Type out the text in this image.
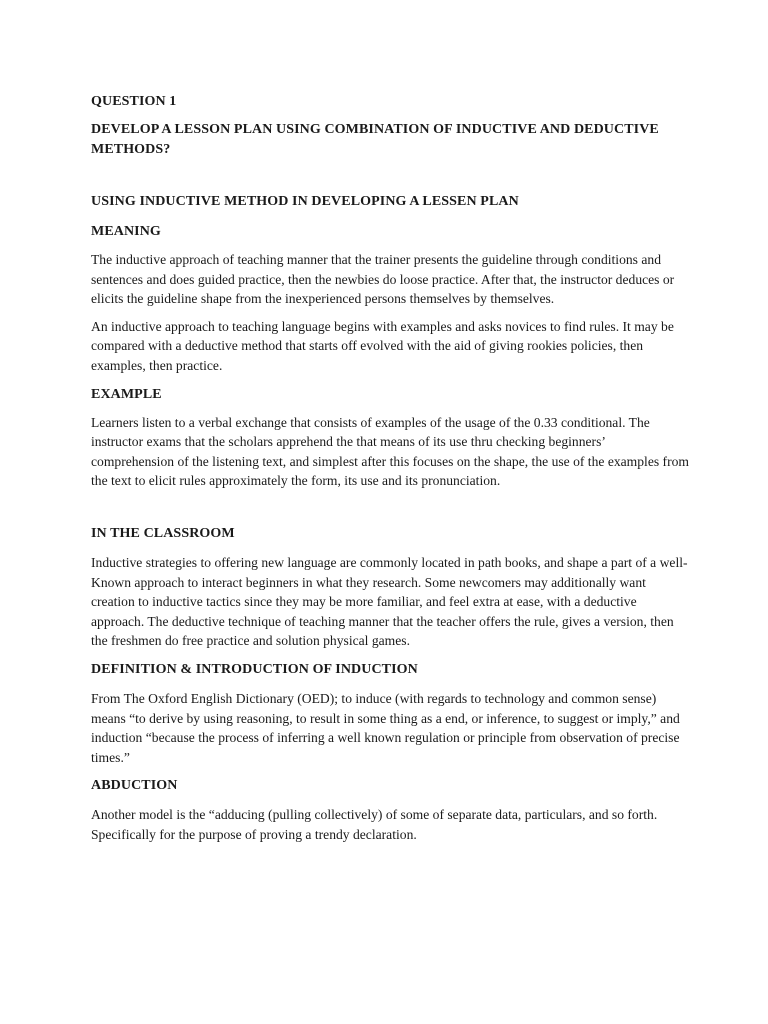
QUESTION 1

DEVELOP A LESSON PLAN USING COMBINATION OF INDUCTIVE AND DEDUCTIVE METHODS?

USING INDUCTIVE METHOD IN DEVELOPING A LESSEN PLAN

MEANING

The inductive approach of teaching manner that the trainer presents the guideline through conditions and sentences and does guided practice, then the newbies do loose practice. After that, the instructor deduces or elicits the guideline shape from the inexperienced persons themselves by themselves.

An inductive approach to teaching language begins with examples and asks novices to find rules. It may be compared with a deductive method that starts off evolved with the aid of giving rookies policies, then examples, then practice.

EXAMPLE

Learners listen to a verbal exchange that consists of examples of the usage of the 0.33 conditional. The instructor exams that the scholars apprehend the that means of its use thru checking beginners’ comprehension of the listening text, and simplest after this focuses on the shape, the use of the examples from the text to elicit rules approximately the form, its use and its pronunciation.

IN THE CLASSROOM

Inductive strategies to offering new language are commonly located in path books, and shape a part of a well-Known approach to interact beginners in what they research. Some newcomers may additionally want creation to inductive tactics since they may be more familiar, and feel extra at ease, with a deductive approach. The deductive technique of teaching manner that the teacher offers the rule, gives a version, then the freshmen do free practice and solution physical games.

DEFINITION & INTRODUCTION OF INDUCTION

From The Oxford English Dictionary (OED); to induce (with regards to technology and common sense) means “to derive by using reasoning, to result in some thing as a end, or inference, to suggest or imply,” and induction “because the process of inferring a well known regulation or principle from observation of precise times.”

ABDUCTION

Another model is the “adducing (pulling collectively) of some of separate data, particulars, and so forth. Specifically for the purpose of proving a trendy declaration.
